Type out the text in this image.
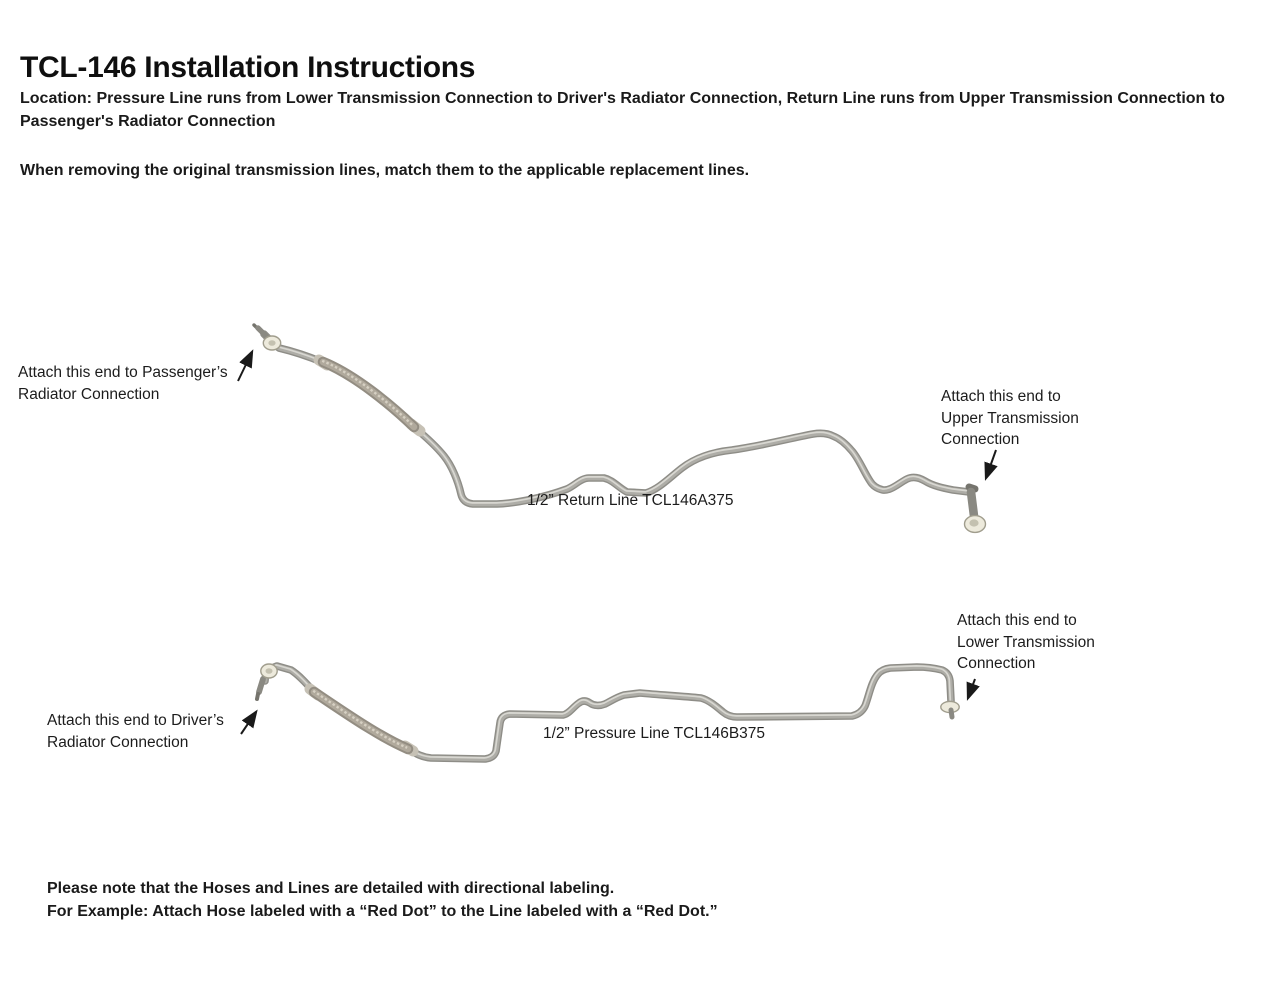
TCL-146 Installation Instructions

Location: Pressure Line runs from Lower Transmission Connection to Driver's Radiator Connection, Return Line runs from Upper Transmission Connection to Passenger's Radiator Connection

When removing the original transmission lines, match them to the applicable replacement lines.

Attach this end to Passenger’s Radiator Connection	Attach this end to Upper Transmission Connection
1/2” Return Line TCL146A375
Attach this end to Lower Transmission Connection
Attach this end to Driver’s Radiator Connection
1/2” Pressure Line TCL146B375
Please note that the Hoses and Lines are detailed with directional labeling.
For Example: Attach Hose labeled with a “Red Dot” to the Line labeled with a “Red Dot.”
